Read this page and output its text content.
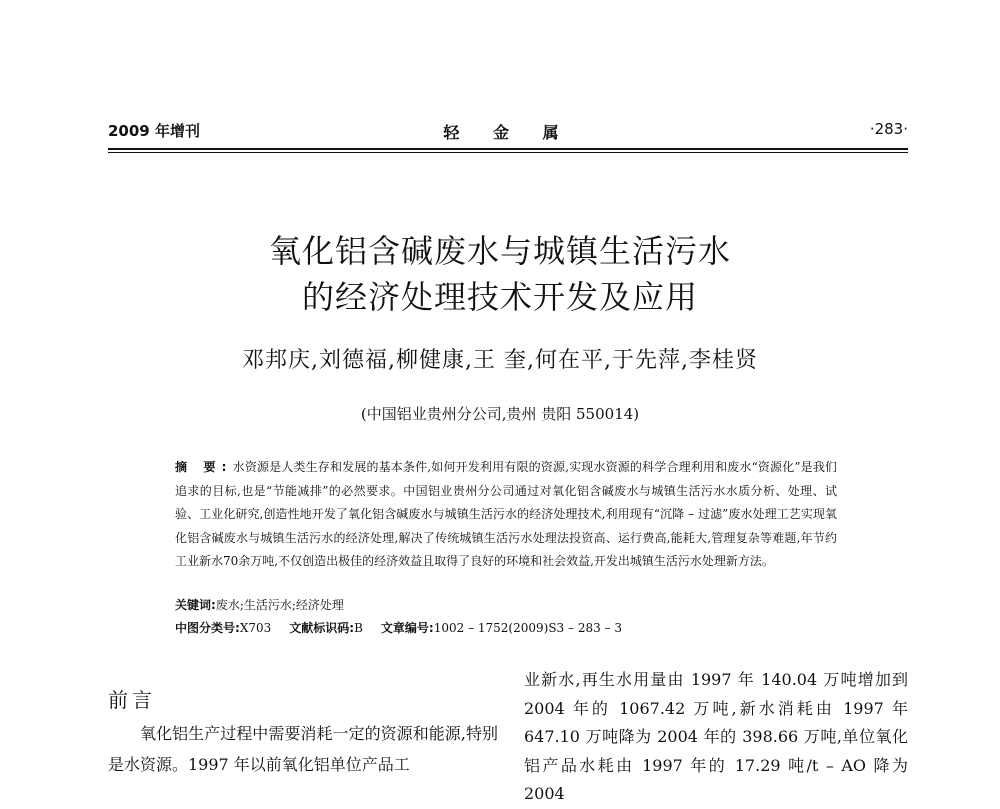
2009 年增刊	轻 金 属	·283·
氧化铝含碱废水与城镇生活污水
的经济处理技术开发及应用
邓邦庆,刘德福,柳健康,王 奎,何在平,于先萍,李桂贤
(中国铝业贵州分公司,贵州 贵阳 550014)
摘 要:水资源是人类生存和发展的基本条件,如何开发利用有限的资源,实现水资源的科学合理利用和废水“资源化”是我们追求的目标,也是“节能减排”的必然要求。中国铝业贵州分公司通过对氧化铝含碱废水与城镇生活污水水质分析、处理、试验、工业化研究,创造性地开发了氧化铝含碱废水与城镇生活污水的经济处理技术,利用现有“沉降 – 过滤”废水处理工艺实现氧化铝含碱废水与城镇生活污水的经济处理,解决了传统城镇生活污水处理法投资高、运行费高,能耗大,管理复杂等难题,年节约工业新水70余万吨,不仅创造出极佳的经济效益且取得了良好的环境和社会效益,开发出城镇生活污水处理新方法。
关键词:废水;生活污水;经济处理
中图分类号:X703 文献标识码:B 文章编号:1002 – 1752(2009)S3 – 283 – 3
前言
氧化铝生产过程中需要消耗一定的资源和能源,特别是水资源。1997 年以前氧化铝单位产品工
业新水,再生水用量由 1997 年 140.04 万吨增加到 2004 年的 1067.42 万吨,新水消耗由 1997 年 647.10 万吨降为 2004 年的 398.66 万吨,单位氧化铝产品水耗由 1997 年的 17.29 吨/t – AO 降为 2004
